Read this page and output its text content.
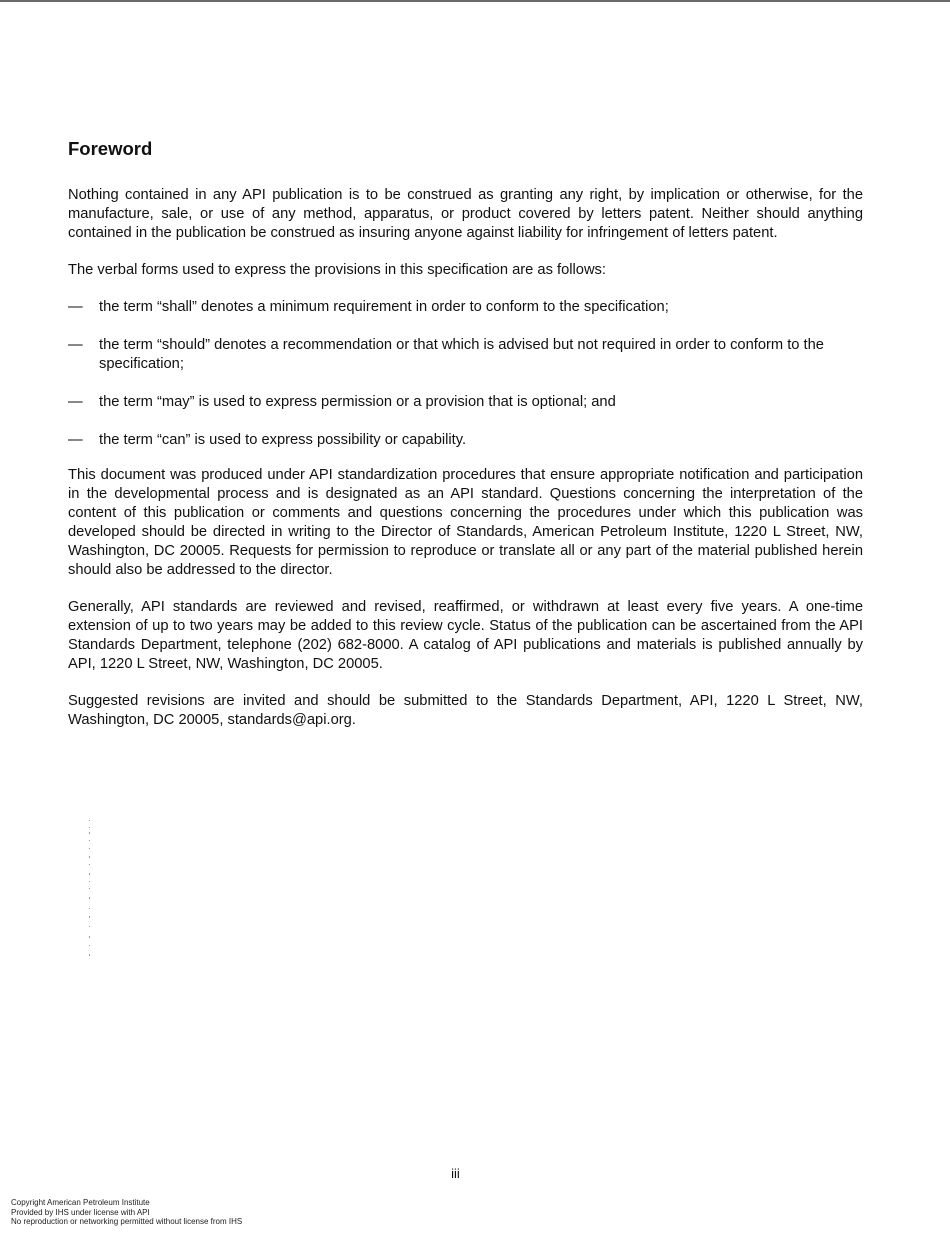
Foreword

Nothing contained in any API publication is to be construed as granting any right, by implication or otherwise, for the manufacture, sale, or use of any method, apparatus, or product covered by letters patent. Neither should anything contained in the publication be construed as insuring anyone against liability for infringement of letters patent.

The verbal forms used to express the provisions in this specification are as follows:

— the term “shall” denotes a minimum requirement in order to conform to the specification;
— the term “should” denotes a recommendation or that which is advised but not required in order to conform to the specification;
— the term “may” is used to express permission or a provision that is optional; and
— the term “can” is used to express possibility or capability.

This document was produced under API standardization procedures that ensure appropriate notification and participation in the developmental process and is designated as an API standard. Questions concerning the interpretation of the content of this publication or comments and questions concerning the procedures under which this publication was developed should be directed in writing to the Director of Standards, American Petroleum Institute, 1220 L Street, NW, Washington, DC 20005. Requests for permission to reproduce or translate all or any part of the material published herein should also be addressed to the director.

Generally, API standards are reviewed and revised, reaffirmed, or withdrawn at least every five years. A one-time extension of up to two years may be added to this review cycle. Status of the publication can be ascertained from the API Standards Department, telephone (202) 682-8000. A catalog of API publications and materials is published annually by API, 1220 L Street, NW, Washington, DC 20005.

Suggested revisions are invited and should be submitted to the Standards Department, API, 1220 L Street, NW, Washington, DC 20005, standards@api.org.

iii
Copyright American Petroleum Institute
Provided by IHS under license with API
No reproduction or networking permitted without license from IHS
